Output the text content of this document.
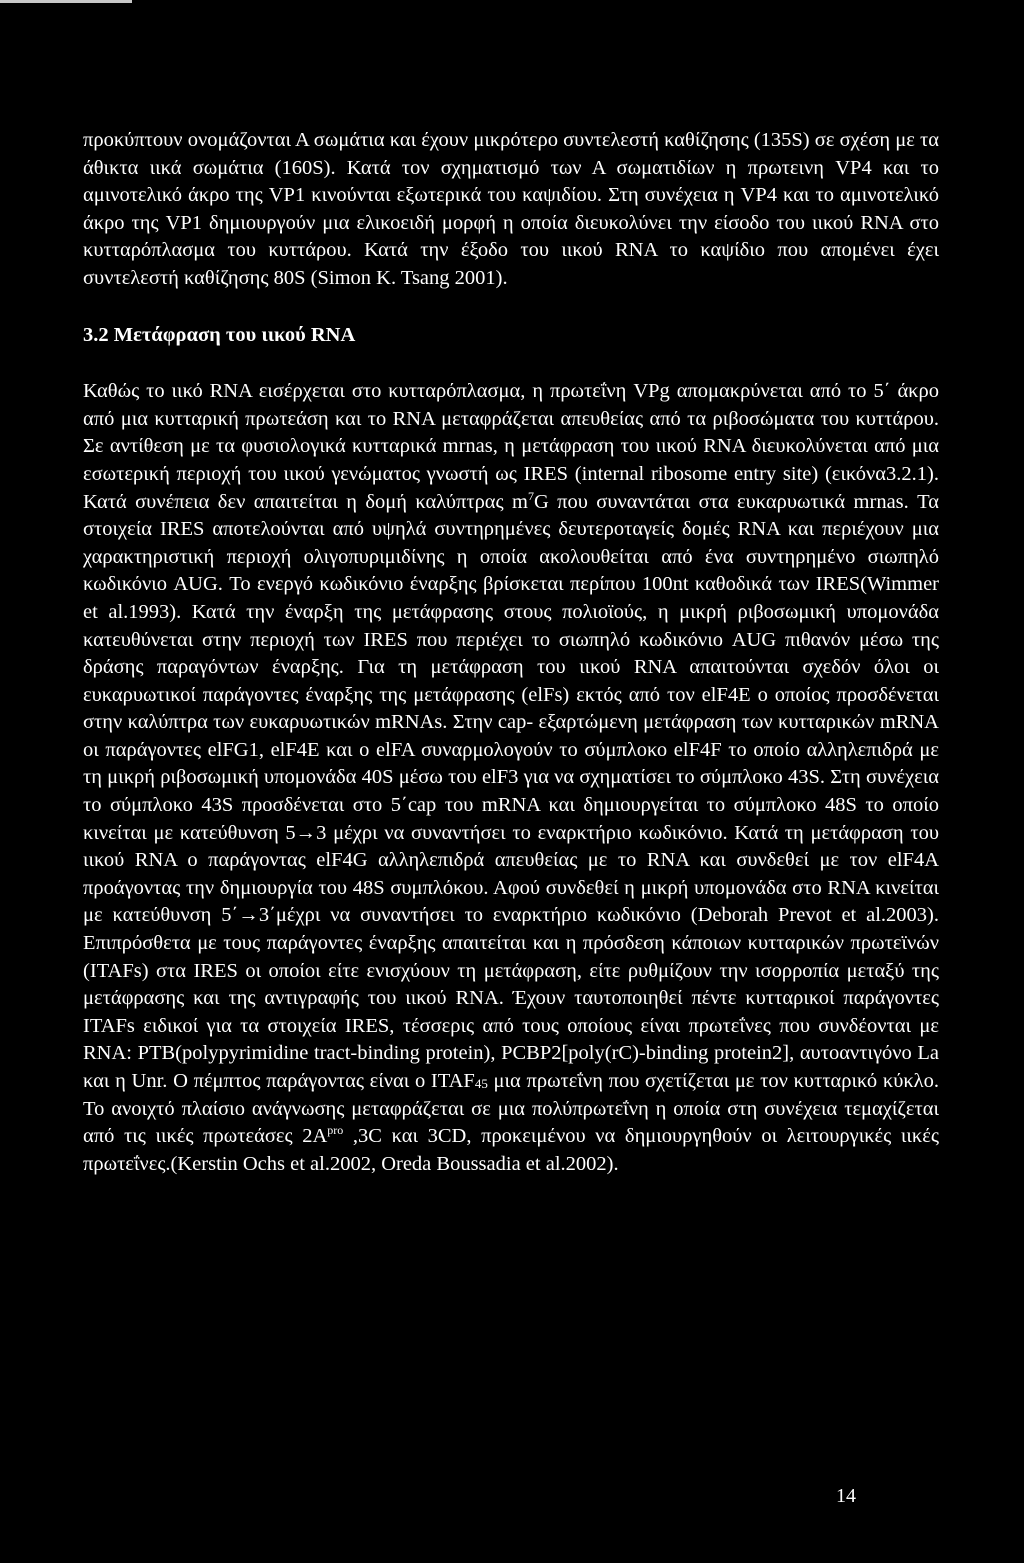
προκύπτουν ονομάζονται Α σωμάτια και έχουν μικρότερο συντελεστή καθίζησης (135S) σε σχέση με τα άθικτα ιικά σωμάτια (160S). Κατά τον σχηματισμό των Α σωματιδίων η πρωτεινη VP4 και το αμινοτελικό άκρο της VP1 κινούνται εξωτερικά του καψιδίου. Στη συνέχεια η VP4 και το αμινοτελικό άκρο της VP1 δημιουργούν μια ελικοειδή μορφή η οποία διευκολύνει την είσοδο του ιικού RNA στο κυτταρόπλασμα του κυττάρου. Κατά την έξοδο του ιικού RNA το καψίδιο που απομένει έχει συντελεστή καθίζησης 80S (Simon K. Tsang 2001).

3.2 Μετάφραση του ιικού RNA

Καθώς το ιικό RNA εισέρχεται στο κυτταρόπλασμα, η πρωτεΐνη VPg απομακρύνεται από το 5΄ άκρο από μια κυτταρική πρωτεάση και το RNA μεταφράζεται απευθείας από τα ριβοσώματα του κυττάρου. Σε αντίθεση με τα φυσιολογικά κυτταρικά mrnas, η μετάφραση του ιικού RNA διευκολύνεται από μια εσωτερική περιοχή του ιικού γενώματος γνωστή ως IRES (internal ribosome entry site) (εικόνα3.2.1). Κατά συνέπεια δεν απαιτείται η δομή καλύπτρας $m^7G$ που συναντάται στα ευκαρυωτικά mrnas. Τα στοιχεία IRES αποτελούνται από υψηλά συντηρημένες δευτεροταγείς δομές RNA και περιέχουν μια χαρακτηριστική περιοχή ολιγοπυριμιδίνης η οποία ακολουθείται από ένα συντηρημένο σιωπηλό κωδικόνιο AUG. Το ενεργό κωδικόνιο έναρξης βρίσκεται περίπου 100nt καθοδικά των IRES(Wimmer et al.1993). Κατά την έναρξη της μετάφρασης στους πολιοϊούς, η μικρή ριβοσωμική υπομονάδα κατευθύνεται στην περιοχή των IRES που περιέχει το σιωπηλό κωδικόνιο AUG πιθανόν μέσω της δράσης παραγόντων έναρξης. Για τη μετάφραση του ιικού RNA απαιτούνται σχεδόν όλοι οι ευκαρυωτικοί παράγοντες έναρξης της μετάφρασης (elFs) εκτός από τον elF4E ο οποίος προσδένεται στην καλύπτρα των ευκαρυωτικών mRNAs. Στην cap- εξαρτώμενη μετάφραση των κυτταρικών mRNA οι παράγοντες elFG1, elF4E και ο elFA συναρμολογούν το σύμπλοκο elF4F το οποίο αλληλεπιδρά με τη μικρή ριβοσωμική υπομονάδα 40S μέσω του elF3 για να σχηματίσει το σύμπλοκο 43S. Στη συνέχεια το σύμπλοκο 43S προσδένεται στο 5΄cap του mRNA και δημιουργείται το σύμπλοκο 48S το οποίο κινείται με κατεύθυνση 5→3 μέχρι να συναντήσει το εναρκτήριο κωδικόνιο. Κατά τη μετάφραση του ιικού RNA ο παράγοντας elF4G αλληλεπιδρά απευθείας με το RNA και συνδεθεί με τον elF4A προάγοντας την δημιουργία του 48S συμπλόκου. Αφού συνδεθεί η μικρή υπομονάδα στο RNA κινείται με κατεύθυνση 5΄→3΄μέχρι να συναντήσει το εναρκτήριο κωδικόνιο (Deborah Prevot et al.2003). Επιπρόσθετα με τους παράγοντες έναρξης απαιτείται και η πρόσδεση κάποιων κυτταρικών πρωτεϊνών (ITAFs) στα IRES οι οποίοι είτε ενισχύουν τη μετάφραση, είτε ρυθμίζουν την ισορροπία μεταξύ της μετάφρασης και της αντιγραφής του ιικού RNA. Έχουν ταυτοποιηθεί πέντε κυτταρικοί παράγοντες ITAFs ειδικοί για τα στοιχεία IRES, τέσσερις από τους οποίους είναι πρωτεΐνες που συνδέονται με RNA: PTB(polypyrimidine tract-binding protein), PCBP2[poly(rC)-binding protein2], αυτοαντιγόνο La και η Unr. Ο πέμπτος παράγοντας είναι ο $ITAF_{45}$ μια πρωτεΐνη που σχετίζεται με τον κυτταρικό κύκλο. Το ανοιχτό πλαίσιο ανάγνωσης μεταφράζεται σε μια πολύπρωτεΐνη η οποία στη συνέχεια τεμαχίζεται από τις ιικές πρωτεάσες $2A^{pro}$ ,3C και 3CD, προκειμένου να δημιουργηθούν οι λειτουργικές ιικές πρωτεΐνες.(Kerstin Ochs et al.2002, Oreda Boussadia et al.2002).

14
